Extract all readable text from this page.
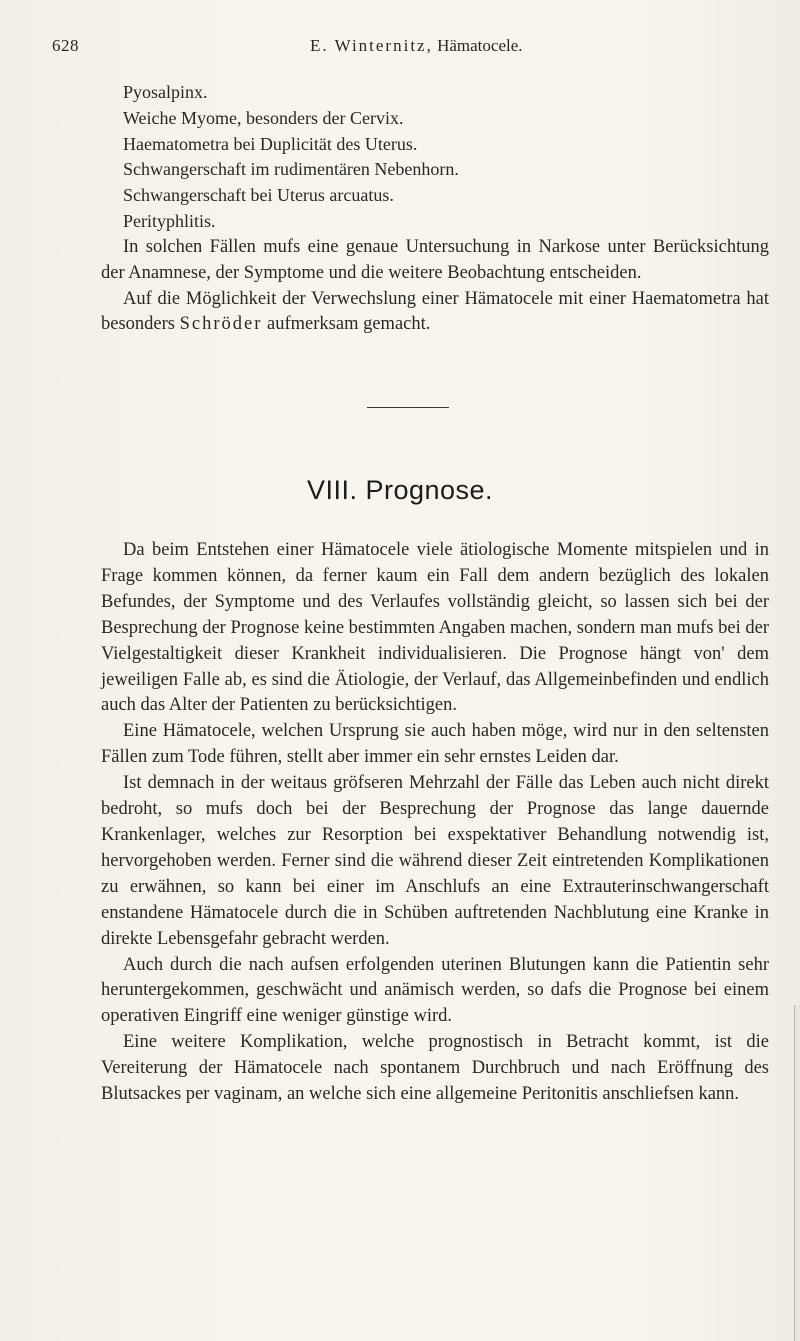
628	E. Winternitz, Hämatocele.
Pyosalpinx.
Weiche Myome, besonders der Cervix.
Haematometra bei Duplicität des Uterus.
Schwangerschaft im rudimentären Nebenhorn.
Schwangerschaft bei Uterus arcuatus.
Perityphlitis.

In solchen Fällen mufs eine genaue Untersuchung in Narkose unter Berücksichtung der Anamnese, der Symptome und die weitere Beobachtung entscheiden.

Auf die Möglichkeit der Verwechslung einer Hämatocele mit einer Haematometra hat besonders Schröder aufmerksam gemacht.

VIII. Prognose.

Da beim Entstehen einer Hämatocele viele ätiologische Momente mitspielen und in Frage kommen können, da ferner kaum ein Fall dem andern bezüglich des lokalen Befundes, der Symptome und des Verlaufes vollständig gleicht, so lassen sich bei der Besprechung der Prognose keine bestimmten Angaben machen, sondern man mufs bei der Vielgestaltigkeit dieser Krankheit individualisieren. Die Prognose hängt von' dem jeweiligen Falle ab, es sind die Ätiologie, der Verlauf, das Allgemeinbefinden und endlich auch das Alter der Patienten zu berücksichtigen.

Eine Hämatocele, welchen Ursprung sie auch haben möge, wird nur in den seltensten Fällen zum Tode führen, stellt aber immer ein sehr ernstes Leiden dar.

Ist demnach in der weitaus gröfseren Mehrzahl der Fälle das Leben auch nicht direkt bedroht, so mufs doch bei der Besprechung der Prognose das lange dauernde Krankenlager, welches zur Resorption bei exspektativer Behandlung notwendig ist, hervorgehoben werden. Ferner sind die während dieser Zeit eintretenden Komplikationen zu erwähnen, so kann bei einer im Anschlufs an eine Extrauterinschwangerschaft enstandene Hämatocele durch die in Schüben auftretenden Nachblutung eine Kranke in direkte Lebensgefahr gebracht werden.

Auch durch die nach aufsen erfolgenden uterinen Blutungen kann die Patientin sehr heruntergekommen, geschwächt und anämisch werden, so dafs die Prognose bei einem operativen Eingriff eine weniger günstige wird.

Eine weitere Komplikation, welche prognostisch in Betracht kommt, ist die Vereiterung der Hämatocele nach spontanem Durchbruch und nach Eröffnung des Blutsackes per vaginam, an welche sich eine allgemeine Peritonitis anschliefsen kann.
